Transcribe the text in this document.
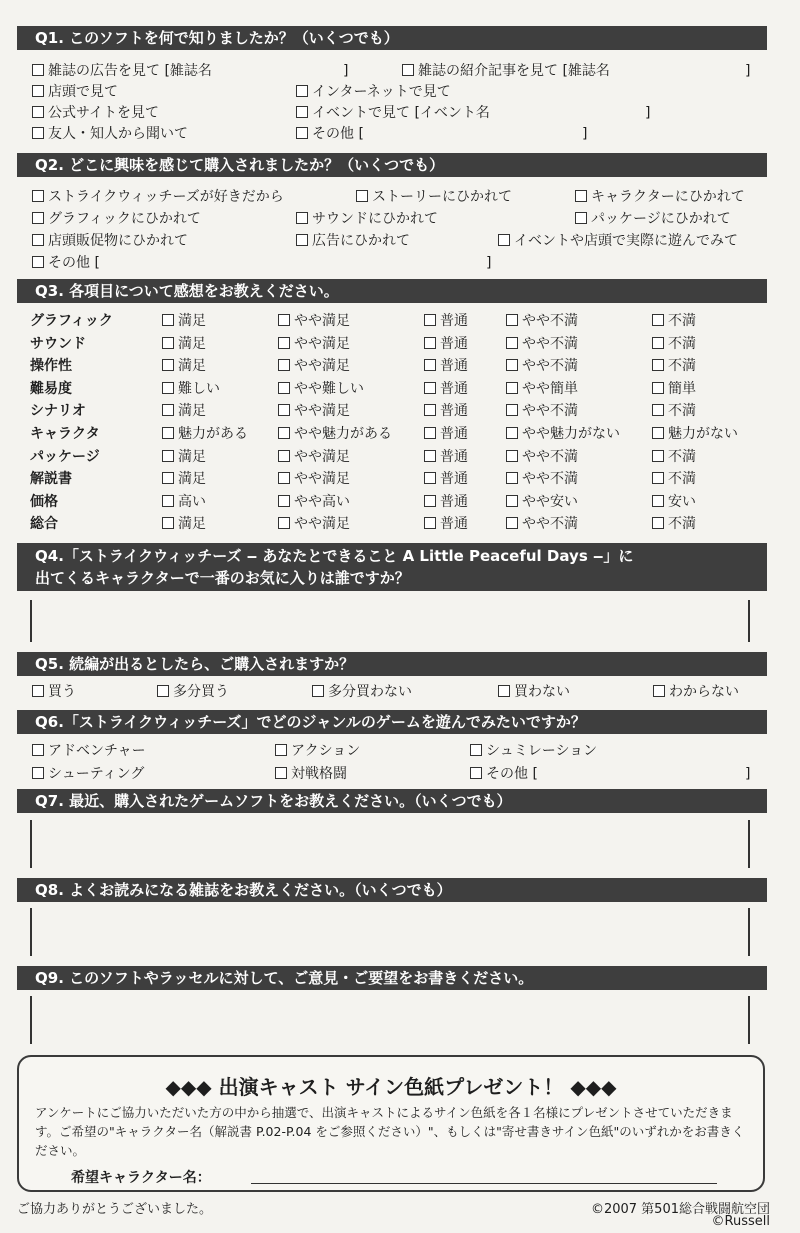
Q1. このソフトを何で知りましたか？（いくつでも）
雑誌の広告を見て [雑誌名	]	雑誌の紹介記事を見て [雑誌名	]
店頭で見て	インターネットで見て
公式サイトを見て	イベントで見て [イベント名	]
友人・知人から聞いて	その他 [	]
Q2. どこに興味を感じて購入されましたか？（いくつでも）
ストライクウィッチーズが好きだから	ストーリーにひかれて	キャラクターにひかれて
グラフィックにひかれて	サウンドにひかれて	パッケージにひかれて
店頭販促物にひかれて	広告にひかれて	イベントや店頭で実際に遊んでみて
その他 [	]
Q3. 各項目について感想をお教えください。
グラフィック	満足	やや満足	普通	やや不満	不満
サウンド	満足	やや満足	普通	やや不満	不満
操作性	満足	やや満足	普通	やや不満	不満
難易度	難しい	やや難しい	普通	やや簡単	簡単
シナリオ	満足	やや満足	普通	やや不満	不満
キャラクタ	魅力がある	やや魅力がある	普通	やや魅力がない	魅力がない
パッケージ	満足	やや満足	普通	やや不満	不満
解説書	満足	やや満足	普通	やや不満	不満
価格	高い	やや高い	普通	やや安い	安い
総合	満足	やや満足	普通	やや不満	不満
Q4.「ストライクウィッチーズ ‒ あなたとできること A Little Peaceful Days ‒」に
出てくるキャラクターで一番のお気に入りは誰ですか？
Q5. 続編が出るとしたら、ご購入されますか？
買う	多分買う	多分買わない	買わない	わからない
Q6.「ストライクウィッチーズ」でどのジャンルのゲームを遊んでみたいですか？
アドベンチャー	アクション	シュミレーション
シューティング	対戦格闘	その他 [	]
Q7. 最近、購入されたゲームソフトをお教えください。（いくつでも）
Q8. よくお読みになる雑誌をお教えください。（いくつでも）
Q9. このソフトやラッセルに対して、ご意見・ご要望をお書きください。
◆◆◆ 出演キャスト サイン色紙プレゼント！ ◆◆◆
アンケートにご協力いただいた方の中から抽選で、出演キャストによるサイン色紙を各１名様にプレゼントさせていただきます。ご希望の"キャラクター名（解説書 P.02-P.04 をご参照ください）"、もしくは"寄せ書きサイン色紙"のいずれかをお書きください。
希望キャラクター名：
ご協力ありがとうございました。	©2007 第501総合戦闘航空団
©Russell
